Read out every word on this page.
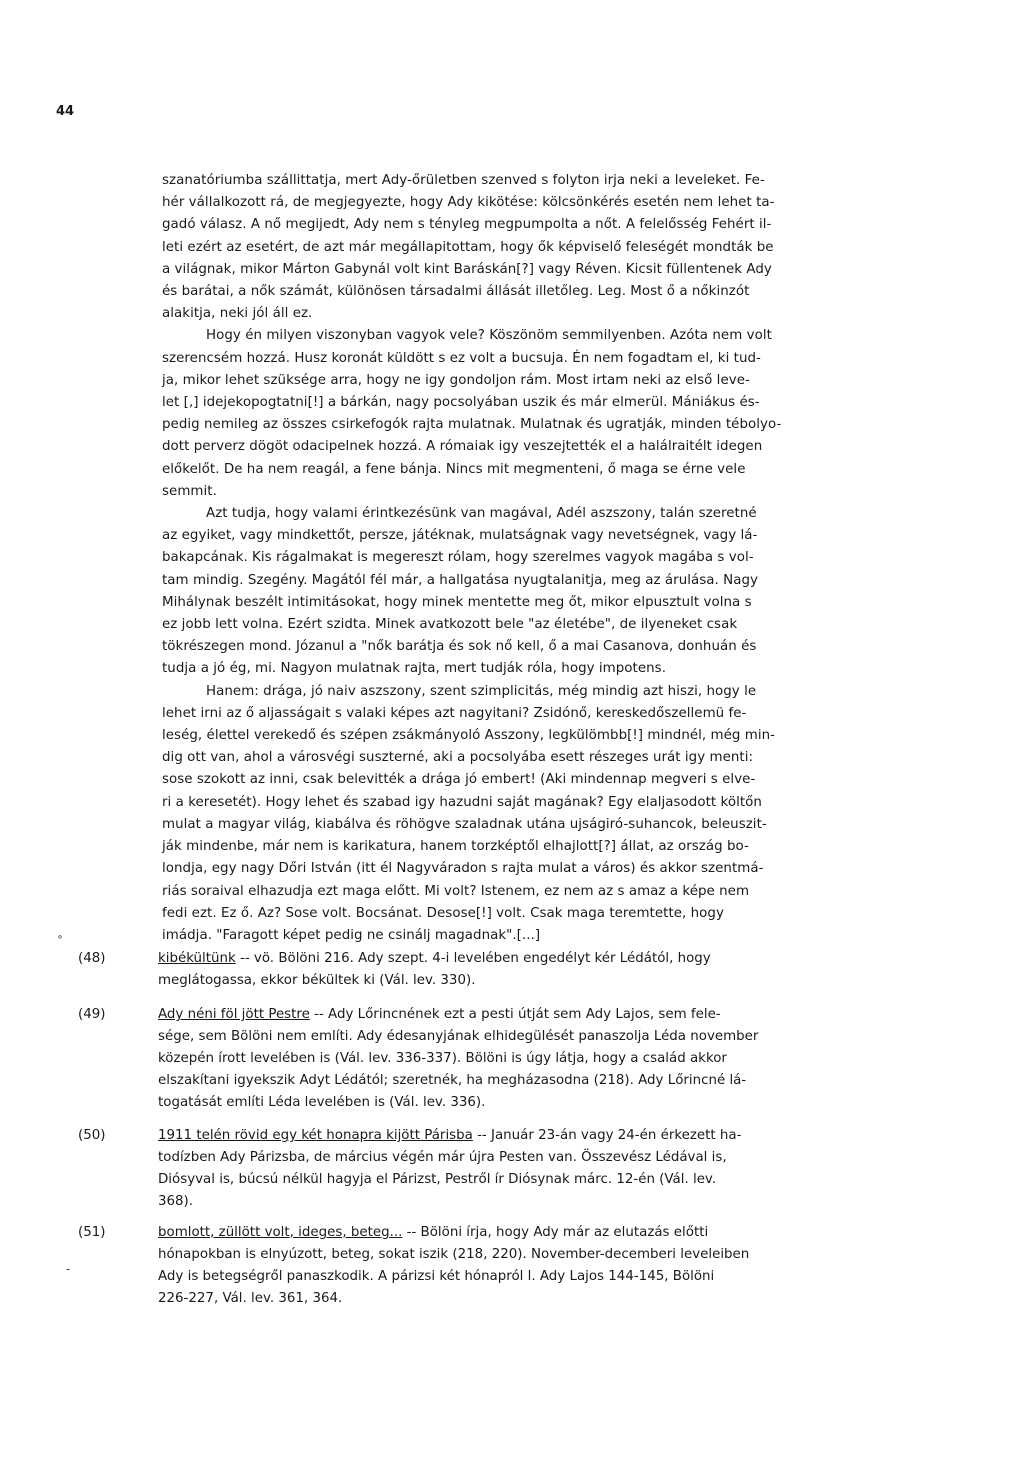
44
szanatóriumba szállittatja, mert Ady-őrületben szenved s folyton irja neki a leveleket. Fe-
hér vállalkozott rá, de megjegyezte, hogy Ady kikötése: kölcsönkérés esetén nem lehet ta-
gadó válasz. A nő megijedt, Ady nem s tényleg megpumpolta a nőt. A felelősség Fehért il-
leti ezért az esetért, de azt már megállapitottam, hogy ők képviselő feleségét mondták be
a világnak, mikor Márton Gabynál volt kint Baráskán[?] vagy Réven. Kicsit füllentenek Ady
és barátai, a nők számát, különösen társadalmi állását illetőleg. Leg. Most ő a nőkinzót
alakitja, neki jól áll ez.
Hogy én milyen viszonyban vagyok vele? Köszönöm semmilyenben. Azóta nem volt
szerencsém hozzá. Husz koronát küldött s ez volt a bucsuja. Én nem fogadtam el, ki tud-
ja, mikor lehet szüksége arra, hogy ne igy gondoljon rám. Most irtam neki az első leve-
let [,] idejekopogtatni[!] a bárkán, nagy pocsolyában uszik és már elmerül. Mániákus és-
pedig nemileg az összes csirkefogók rajta mulatnak. Mulatnak és ugratják, minden tébolyo-
dott perverz dögöt odacipelnek hozzá. A rómaiak igy veszejtették el a halálraitélt idegen
előkelőt. De ha nem reagál, a fene bánja. Nincs mit megmenteni, ő maga se érne vele
semmit.
Azt tudja, hogy valami érintkezésünk van magával, Adél aszszony, talán szeretné
az egyiket, vagy mindkettőt, persze, játéknak, mulatságnak vagy nevetségnek, vagy lá-
bakapcának. Kis rágalmakat is megereszt rólam, hogy szerelmes vagyok magába s vol-
tam mindig. Szegény. Magától fél már, a hallgatása nyugtalanitja, meg az árulása. Nagy
Mihálynak beszélt intimitásokat, hogy minek mentette meg őt, mikor elpusztult volna s
ez jobb lett volna. Ezért szidta. Minek avatkozott bele "az életébe", de ilyeneket csak
tökrészegen mond. Józanul a "nők barátja és sok nő kell, ő a mai Casanova, donhuán és
tudja a jó ég, mi. Nagyon mulatnak rajta, mert tudják róla, hogy impotens.
Hanem: drága, jó naiv aszszony, szent szimplicitás, még mindig azt hiszi, hogy le
lehet irni az ő aljasságait s valaki képes azt nagyitani? Zsidónő, kereskedőszellemü fe-
leség, élettel verekedő és szépen zsákmányoló Asszony, legkülömbb[!] mindnél, még min-
dig ott van, ahol a városvégi suszterné, aki a pocsolyába esett részeges urát igy menti:
sose szokott az inni, csak belevitték a drága jó embert! (Aki mindennap megveri s elve-
ri a keresetét). Hogy lehet és szabad igy hazudni saját magának? Egy elaljasodott költőn
mulat a magyar világ, kiabálva és röhögve szaladnak utána ujságiró-suhancok, beleuszit-
ják mindenbe, már nem is karikatura, hanem torzképtől elhajlott[?] állat, az ország bo-
londja, egy nagy Dőri István (itt él Nagyváradon s rajta mulat a város) és akkor szentmá-
riás soraival elhazudja ezt maga előtt. Mi volt? Istenem, ez nem az s amaz a képe nem
fedi ezt. Ez ő. Az? Sose volt. Bocsánat. Desose[!] volt. Csak maga teremtette, hogy
imádja. "Faragott képet pedig ne csinálj magadnak".[...]
˚
(48)	kibékültünk -- vö. Bölöni 216. Ady szept. 4-i levelében engedélyt kér Lédától, hogy
meglátogassa, ekkor békültek ki (Vál. lev. 330).
(49)	Ady néni föl jött Pestre -- Ady Lőrincnének ezt a pesti útját sem Ady Lajos, sem fele-
sége, sem Bölöni nem említi. Ady édesanyjának elhidegülését panaszolja Léda november
közepén írott levelében is (Vál. lev. 336-337). Bölöni is úgy látja, hogy a család akkor
elszakítani igyekszik Adyt Lédától; szeretnék, ha megházasodna (218). Ady Lőrincné lá-
togatását említi Léda levelében is (Vál. lev. 336).
(50)	1911 telén rövid egy két honapra kijött Párisba -- Január 23-án vagy 24-én érkezett ha-
todízben Ady Párizsba, de március végén már újra Pesten van. Összevész Lédával is,
Diósyval is, búcsú nélkül hagyja el Párizst, Pestről ír Diósynak márc. 12-én (Vál. lev.
368).
(51)	bomlott, züllött volt, ideges, beteg... -- Bölöni írja, hogy Ady már az elutazás előtti
hónapokban is elnyúzott, beteg, sokat iszik (218, 220). November-decemberi leveleiben
Ady is betegségről panaszkodik. A párizsi két hónapról l. Ady Lajos 144-145, Bölöni
226-227, Vál. lev. 361, 364.
-
